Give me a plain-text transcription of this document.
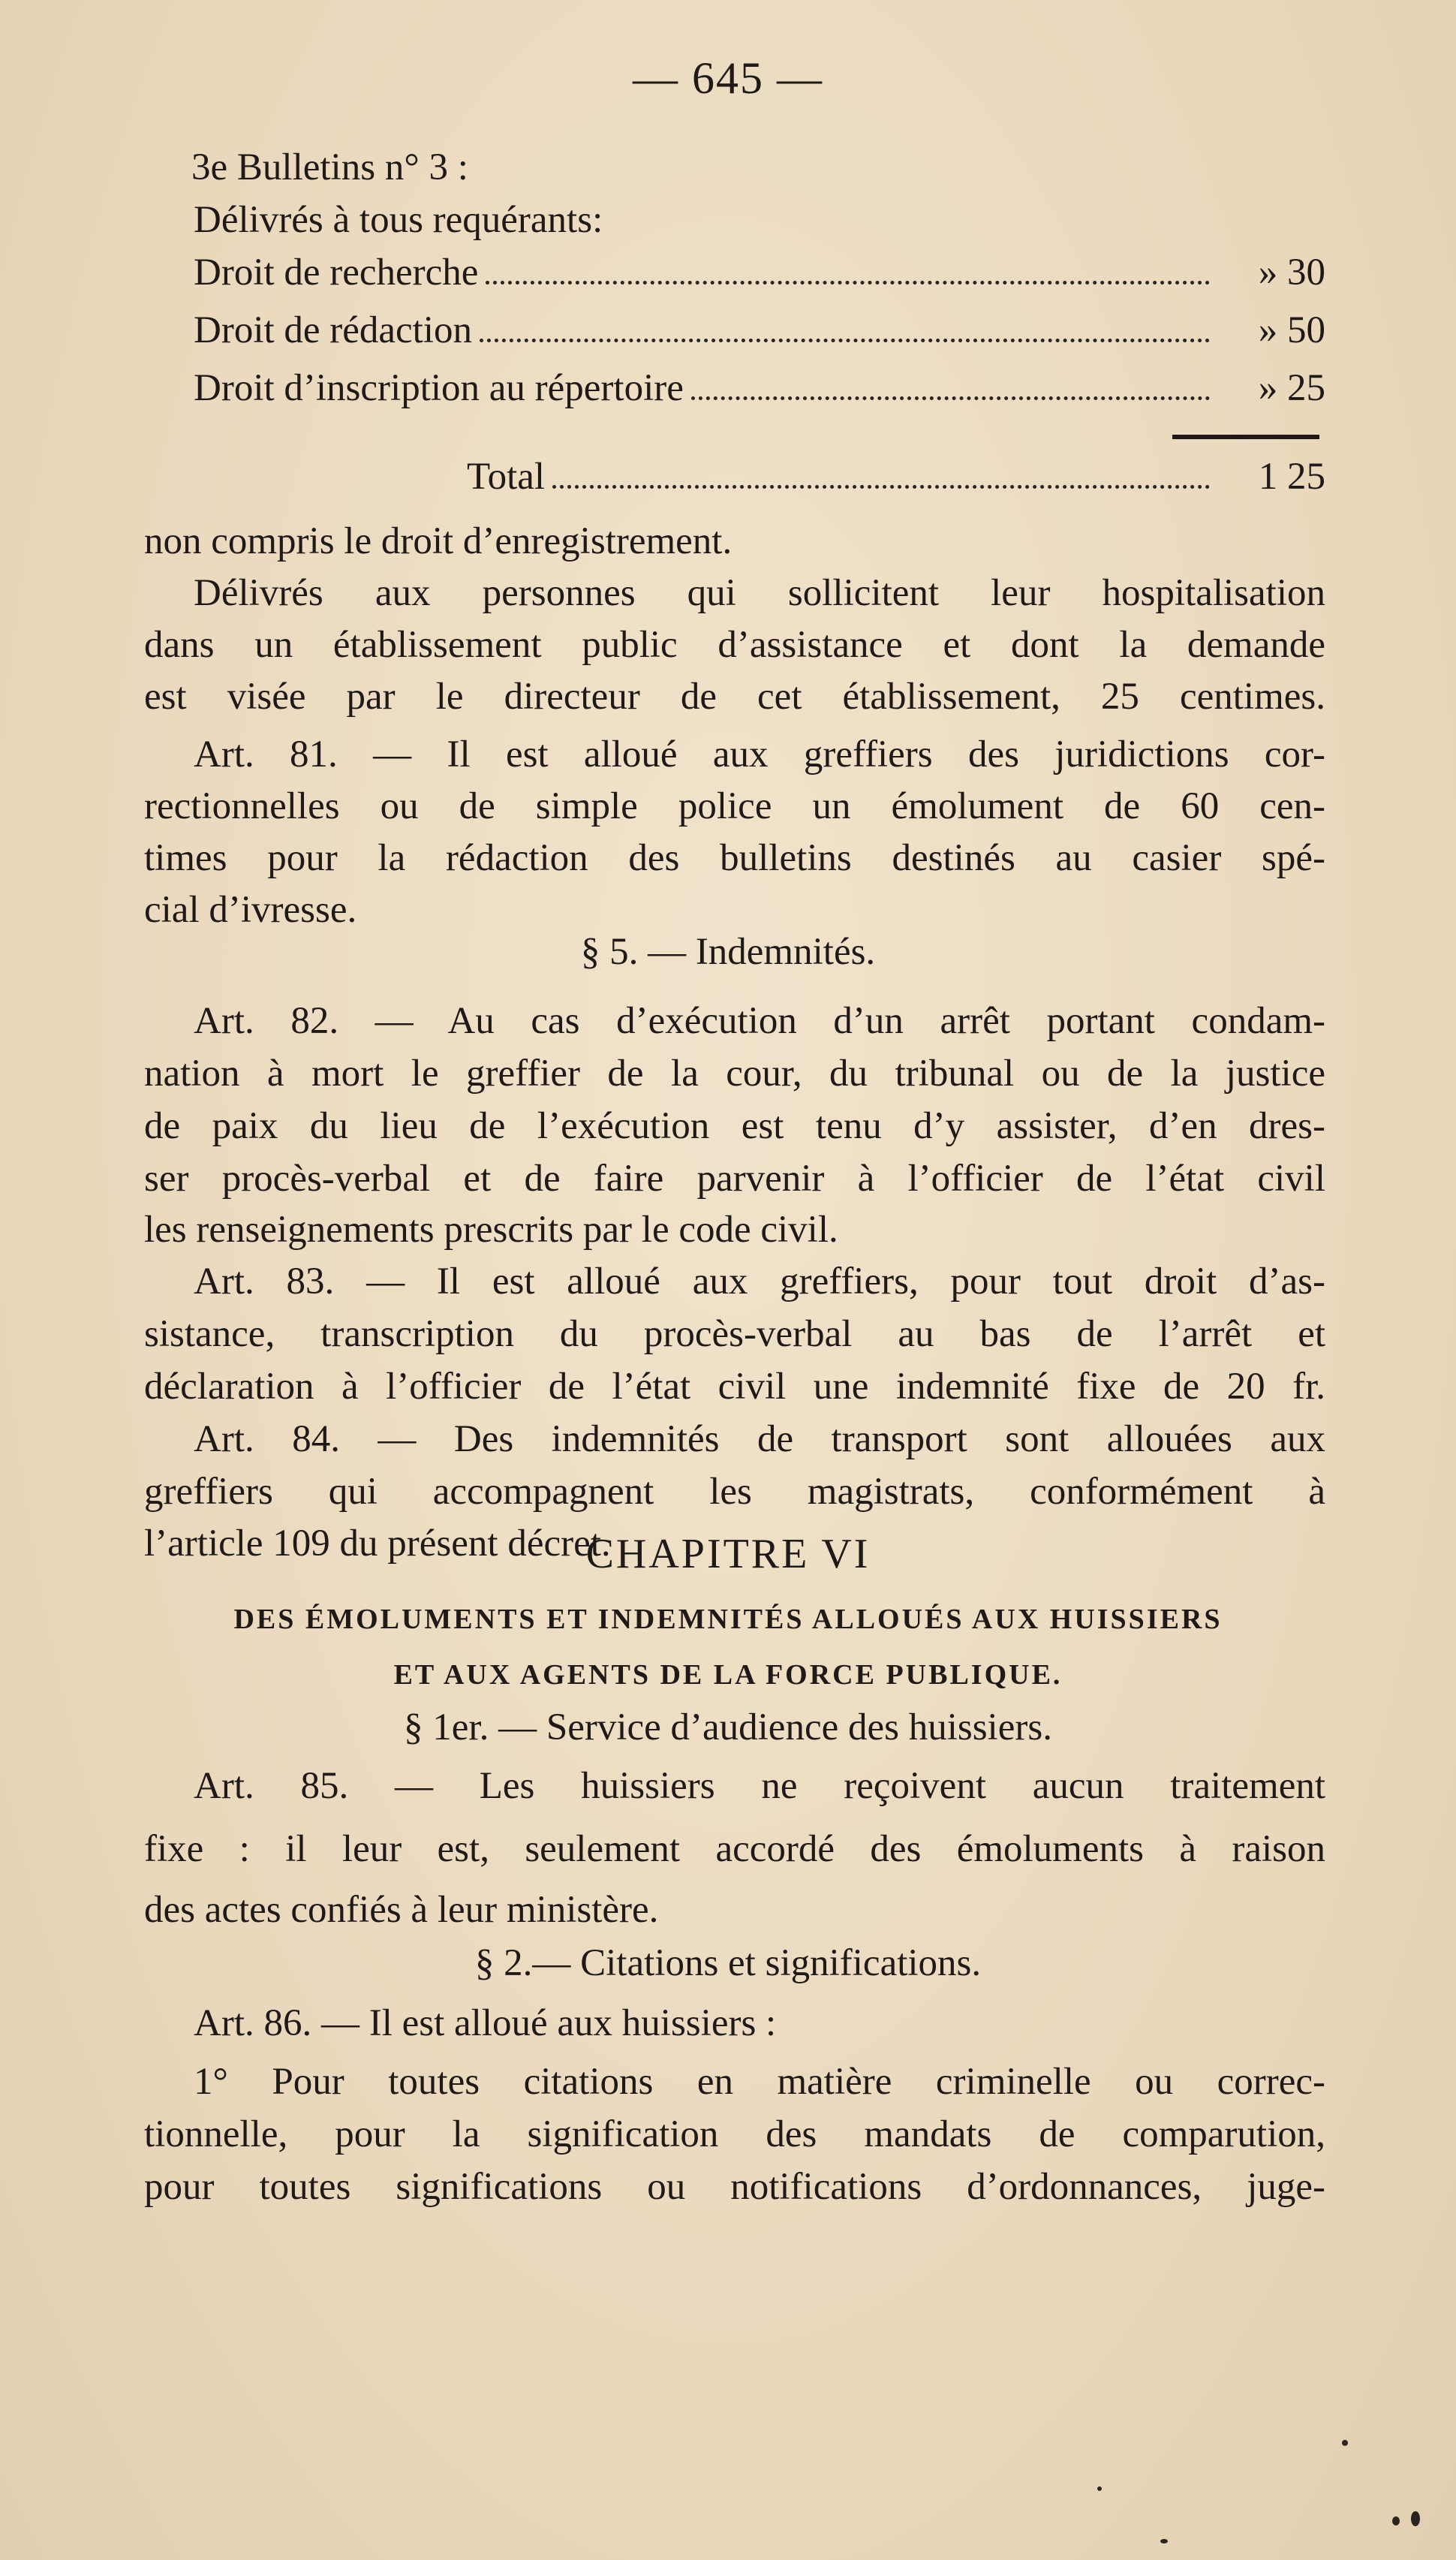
— 645 —
3e Bulletins n° 3 :
Délivrés à tous requérants:
Droit de recherche	» 30
Droit de rédaction	» 50
Droit d’inscription au répertoire	» 25
Total	1 25
non compris le droit d’enregistrement.
Délivrés aux personnes qui sollicitent leur hospitalisation
dans un établissement public d’assistance et dont la demande
est visée par le directeur de cet établissement, 25 centimes.
Art. 81. — Il est alloué aux greffiers des juridictions cor-
rectionnelles ou de simple police un émolument de 60 cen-
times pour la rédaction des bulletins destinés au casier spé-
cial d’ivresse.
§ 5. — Indemnités.
Art. 82. — Au cas d’exécution d’un arrêt portant condam-
nation à mort le greffier de la cour, du tribunal ou de la justice
de paix du lieu de l’exécution est tenu d’y assister, d’en dres-
ser procès-verbal et de faire parvenir à l’officier de l’état civil
les renseignements prescrits par le code civil.
Art. 83. — Il est alloué aux greffiers, pour tout droit d’as-
sistance, transcription du procès-verbal au bas de l’arrêt et
déclaration à l’officier de l’état civil une indemnité fixe de 20 fr.
Art. 84. — Des indemnités de transport sont allouées aux
greffiers qui accompagnent les magistrats, conformément à
l’article 109 du présent décret.
CHAPITRE VI
DES ÉMOLUMENTS ET INDEMNITÉS ALLOUÉS AUX HUISSIERS
ET AUX AGENTS DE LA FORCE PUBLIQUE.
§ 1er. — Service d’audience des huissiers.
Art. 85. — Les huissiers ne reçoivent aucun traitement
fixe : il leur est, seulement accordé des émoluments à raison
des actes confiés à leur ministère.
§ 2.— Citations et significations.
Art. 86. — Il est alloué aux huissiers :
1° Pour toutes citations en matière criminelle ou correc-
tionnelle, pour la signification des mandats de comparution,
pour toutes significations ou notifications d’ordonnances, juge-
